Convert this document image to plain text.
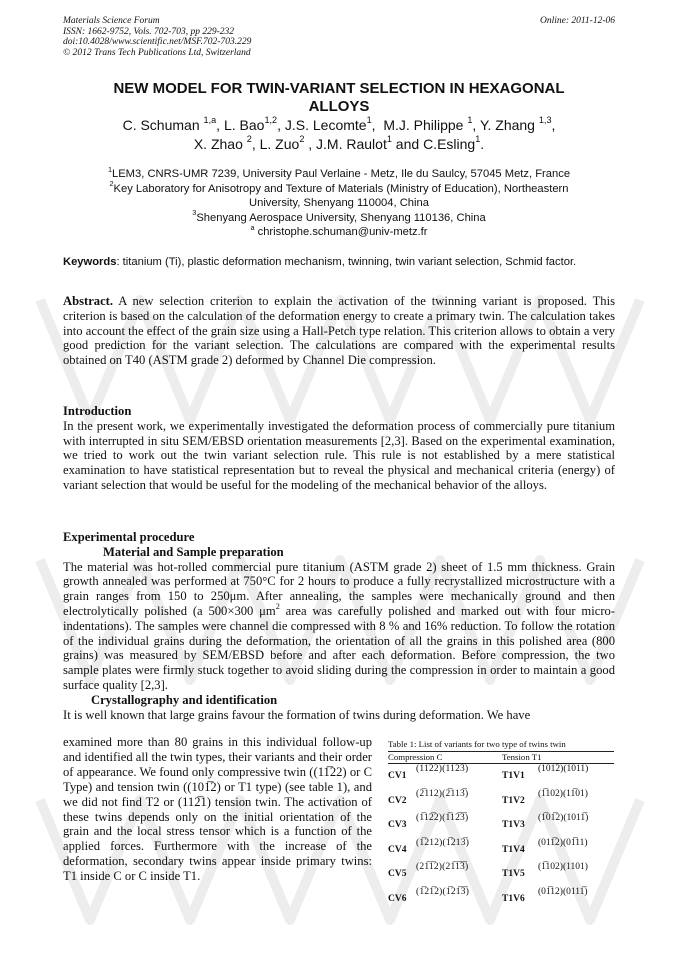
Materials Science Forum
ISSN: 1662-9752, Vols. 702-703, pp 229-232
doi:10.4028/www.scientific.net/MSF.702-703.229
© 2012 Trans Tech Publications Ltd, Switzerland
Online: 2011-12-06
NEW MODEL FOR TWIN-VARIANT SELECTION IN HEXAGONAL
ALLOYS
C. Schuman $^{1,a}$, L. Bao$^{1,2}$, J.S. Lecomte$^1$,  M.J. Philippe $^1$, Y. Zhang $^{1,3}$,
X. Zhao $^2$, L. Zuo$^2$ , J.M. Raulot$^1$ and C.Esling$^1$.
$^1$LEM3, CNRS-UMR 7239, University Paul Verlaine - Metz, Ile du Saulcy, 57045 Metz, France
$^2$Key Laboratory for Anisotropy and Texture of Materials (Ministry of Education), Northeastern
University, Shenyang 110004, China
$^3$Shenyang Aerospace University, Shenyang 110136, China
$^a$ christophe.schuman@univ-metz.fr
Keywords: titanium (Ti), plastic deformation mechanism, twinning, twin variant selection, Schmid factor.
Abstract. A new selection criterion to explain the activation of the twinning variant is proposed. This criterion is based on the calculation of the deformation energy to create a primary twin. The calculation takes into account the effect of the grain size using a Hall-Petch type relation. This criterion allows to obtain a very good prediction for the variant selection. The calculations are compared with the experimental results obtained on T40 (ASTM grade 2) deformed by Channel Die compression.
Introduction
In the present work, we experimentally investigated the deformation process of commercially pure titanium with interrupted in situ SEM/EBSD orientation measurements [2,3]. Based on the experimental examination, we tried to work out the twin variant selection rule. This rule is not established by a mere statistical examination to have statistical representation but to reveal the physical and mechanical criteria (energy) of variant selection that would be useful for the modeling of the mechanical behavior of the alloys.
Experimental procedure
Material and Sample preparation
The material was hot-rolled commercial pure titanium (ASTM grade 2) sheet of 1.5 mm thickness. Grain growth annealed was performed at 750°C for 2 hours to produce a fully recrystallized microstructure with a grain ranges from 150 to 250μm. After annealing, the samples were mechanically ground and then electrolytically polished (a 500×300 $\mu m^2$ area was carefully polished and marked out with four micro-indentations). The samples were channel die compressed with 8 % and 16% reduction. To follow the rotation of the individual grains during the deformation, the orientation of all the grains in this polished area (800 grains) was measured by SEM/EBSD before and after each deformation. Before compression, the two sample plates were firmly stuck together to avoid sliding during the compression in order to maintain a good surface quality [2,3].
Crystallography and identification
It is well known that large grains favour the formation of twins during deformation. We have
examined more than 80 grains in this individual follow-up and identified all the twin types, their variants and their order of appearance. We found only compressive twin ((11̅22) or C Type) and tension twin ((101̅2) or T1 type) (see table 1), and we did not find T2 or (112̅1) tension twin. The activation of these twins depends only on the initial orientation of the grain and the local stress tensor which is a function of the applied forces. Furthermore with the increase of the deformation, secondary twins appear inside primary twins: T1 inside C or C inside T1.
Table 1: List of variants for two type of twins twin
Compression C	Tension T1
CV1
(11̅22)(11̅23̅)
T1V1
(101̅2)(1̅011)
CV2
(2̅112)(2̅113̅)
T1V2
(1̅102)(11̅01)
CV3
(1̅12̅2)(1̅12̅3̅)
T1V3
(1̅01̅2)(1011̅)
CV4
(1̅212)(1̅213̅)
T1V4
(011̅2)(01̅11)
CV5
(21̅1̅2)(21̅1̅3̅)
T1V5
(1̅102)(1101)
CV6
(1̅21̅2)(1̅21̅3̅)
T1V6
(01̅12)(0111̅)
